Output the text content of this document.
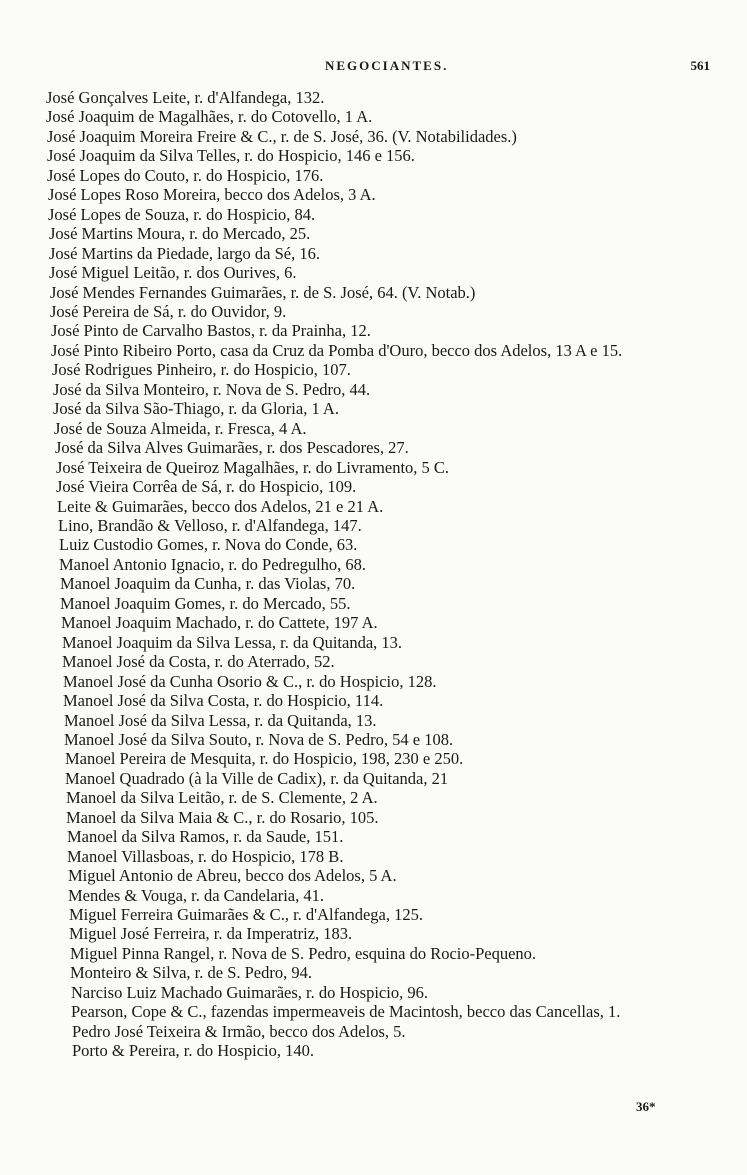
NEGOCIANTES.	561
José Gonçalves Leite, r. d'Alfandega, 132.
José Joaquim de Magalhães, r. do Cotovello, 1 A.
José Joaquim Moreira Freire & C., r. de S. José, 36. (V. Notabilidades.)
José Joaquim da Silva Telles, r. do Hospicio, 146 e 156.
José Lopes do Couto, r. do Hospicio, 176.
José Lopes Roso Moreira, becco dos Adelos, 3 A.
José Lopes de Souza, r. do Hospicio, 84.
José Martins Moura, r. do Mercado, 25.
José Martins da Piedade, largo da Sé, 16.
José Miguel Leitão, r. dos Ourives, 6.
José Mendes Fernandes Guimarães, r. de S. José, 64. (V. Notab.)
José Pereira de Sá, r. do Ouvidor, 9.
José Pinto de Carvalho Bastos, r. da Prainha, 12.
José Pinto Ribeiro Porto, casa da Cruz da Pomba d'Ouro, becco dos Adelos, 13 A e 15.
José Rodrigues Pinheiro, r. do Hospicio, 107.
José da Silva Monteiro, r. Nova de S. Pedro, 44.
José da Silva São-Thiago, r. da Gloria, 1 A.
José de Souza Almeida, r. Fresca, 4 A.
José da Silva Alves Guimarães, r. dos Pescadores, 27.
José Teixeira de Queiroz Magalhães, r. do Livramento, 5 C.
José Vieira Corrêa de Sá, r. do Hospicio, 109.
Leite & Guimarães, becco dos Adelos, 21 e 21 A.
Lino, Brandão & Velloso, r. d'Alfandega, 147.
Luiz Custodio Gomes, r. Nova do Conde, 63.
Manoel Antonio Ignacio, r. do Pedregulho, 68.
Manoel Joaquim da Cunha, r. das Violas, 70.
Manoel Joaquim Gomes, r. do Mercado, 55.
Manoel Joaquim Machado, r. do Cattete, 197 A.
Manoel Joaquim da Silva Lessa, r. da Quitanda, 13.
Manoel José da Costa, r. do Aterrado, 52.
Manoel José da Cunha Osorio & C., r. do Hospicio, 128.
Manoel José da Silva Costa, r. do Hospicio, 114.
Manoel José da Silva Lessa, r. da Quitanda, 13.
Manoel José da Silva Souto, r. Nova de S. Pedro, 54 e 108.
Manoel Pereira de Mesquita, r. do Hospicio, 198, 230 e 250.
Manoel Quadrado (à la Ville de Cadix), r. da Quitanda, 21
Manoel da Silva Leitão, r. de S. Clemente, 2 A.
Manoel da Silva Maia & C., r. do Rosario, 105.
Manoel da Silva Ramos, r. da Saude, 151.
Manoel Villasboas, r. do Hospicio, 178 B.
Miguel Antonio de Abreu, becco dos Adelos, 5 A.
Mendes & Vouga, r. da Candelaria, 41.
Miguel Ferreira Guimarães & C., r. d'Alfandega, 125.
Miguel José Ferreira, r. da Imperatriz, 183.
Miguel Pinna Rangel, r. Nova de S. Pedro, esquina do Rocio-Pequeno.
Monteiro & Silva, r. de S. Pedro, 94.
Narciso Luiz Machado Guimarães, r. do Hospicio, 96.
Pearson, Cope & C., fazendas impermeaveis de Macintosh, becco das Cancellas, 1.
Pedro José Teixeira & Irmão, becco dos Adelos, 5.
Porto & Pereira, r. do Hospicio, 140.
36*
